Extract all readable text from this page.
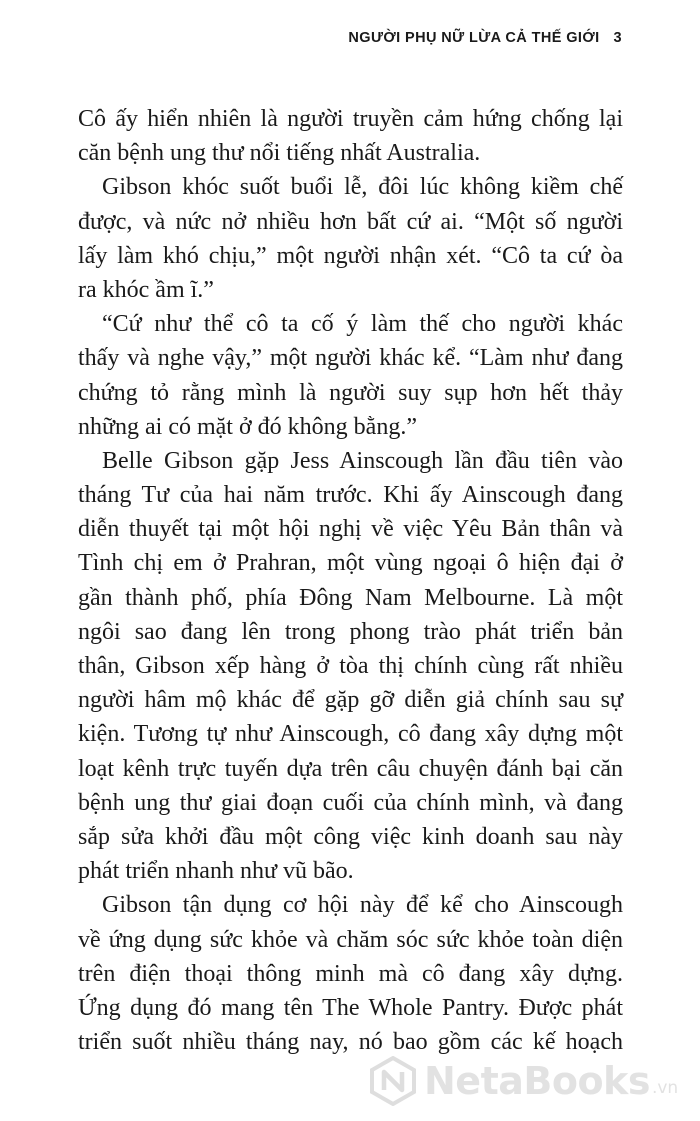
NGƯỜI PHỤ NỮ LỪA CẢ THẾ GIỚI 3
Cô ấy hiển nhiên là người truyền cảm hứng chống lại
căn bệnh ung thư nổi tiếng nhất Australia.
Gibson khóc suốt buổi lễ, đôi lúc không kiềm chế
được, và nức nở nhiều hơn bất cứ ai. “Một số người
lấy làm khó chịu,” một người nhận xét. “Cô ta cứ òa
ra khóc ầm ĩ.”
“Cứ như thể cô ta cố ý làm thế cho người khác
thấy và nghe vậy,” một người khác kể. “Làm như đang
chứng tỏ rằng mình là người suy sụp hơn hết thảy
những ai có mặt ở đó không bằng.”
Belle Gibson gặp Jess Ainscough lần đầu tiên vào
tháng Tư của hai năm trước. Khi ấy Ainscough đang
diễn thuyết tại một hội nghị về việc Yêu Bản thân và
Tình chị em ở Prahran, một vùng ngoại ô hiện đại ở
gần thành phố, phía Đông Nam Melbourne. Là một
ngôi sao đang lên trong phong trào phát triển bản
thân, Gibson xếp hàng ở tòa thị chính cùng rất nhiều
người hâm mộ khác để gặp gỡ diễn giả chính sau sự
kiện. Tương tự như Ainscough, cô đang xây dựng một
loạt kênh trực tuyến dựa trên câu chuyện đánh bại căn
bệnh ung thư giai đoạn cuối của chính mình, và đang
sắp sửa khởi đầu một công việc kinh doanh sau này
phát triển nhanh như vũ bão.
Gibson tận dụng cơ hội này để kể cho Ainscough
về ứng dụng sức khỏe và chăm sóc sức khỏe toàn diện
trên điện thoại thông minh mà cô đang xây dựng.
Ứng dụng đó mang tên The Whole Pantry. Được phát
triển suốt nhiều tháng nay, nó bao gồm các kế hoạch
NetaBooks .vn
